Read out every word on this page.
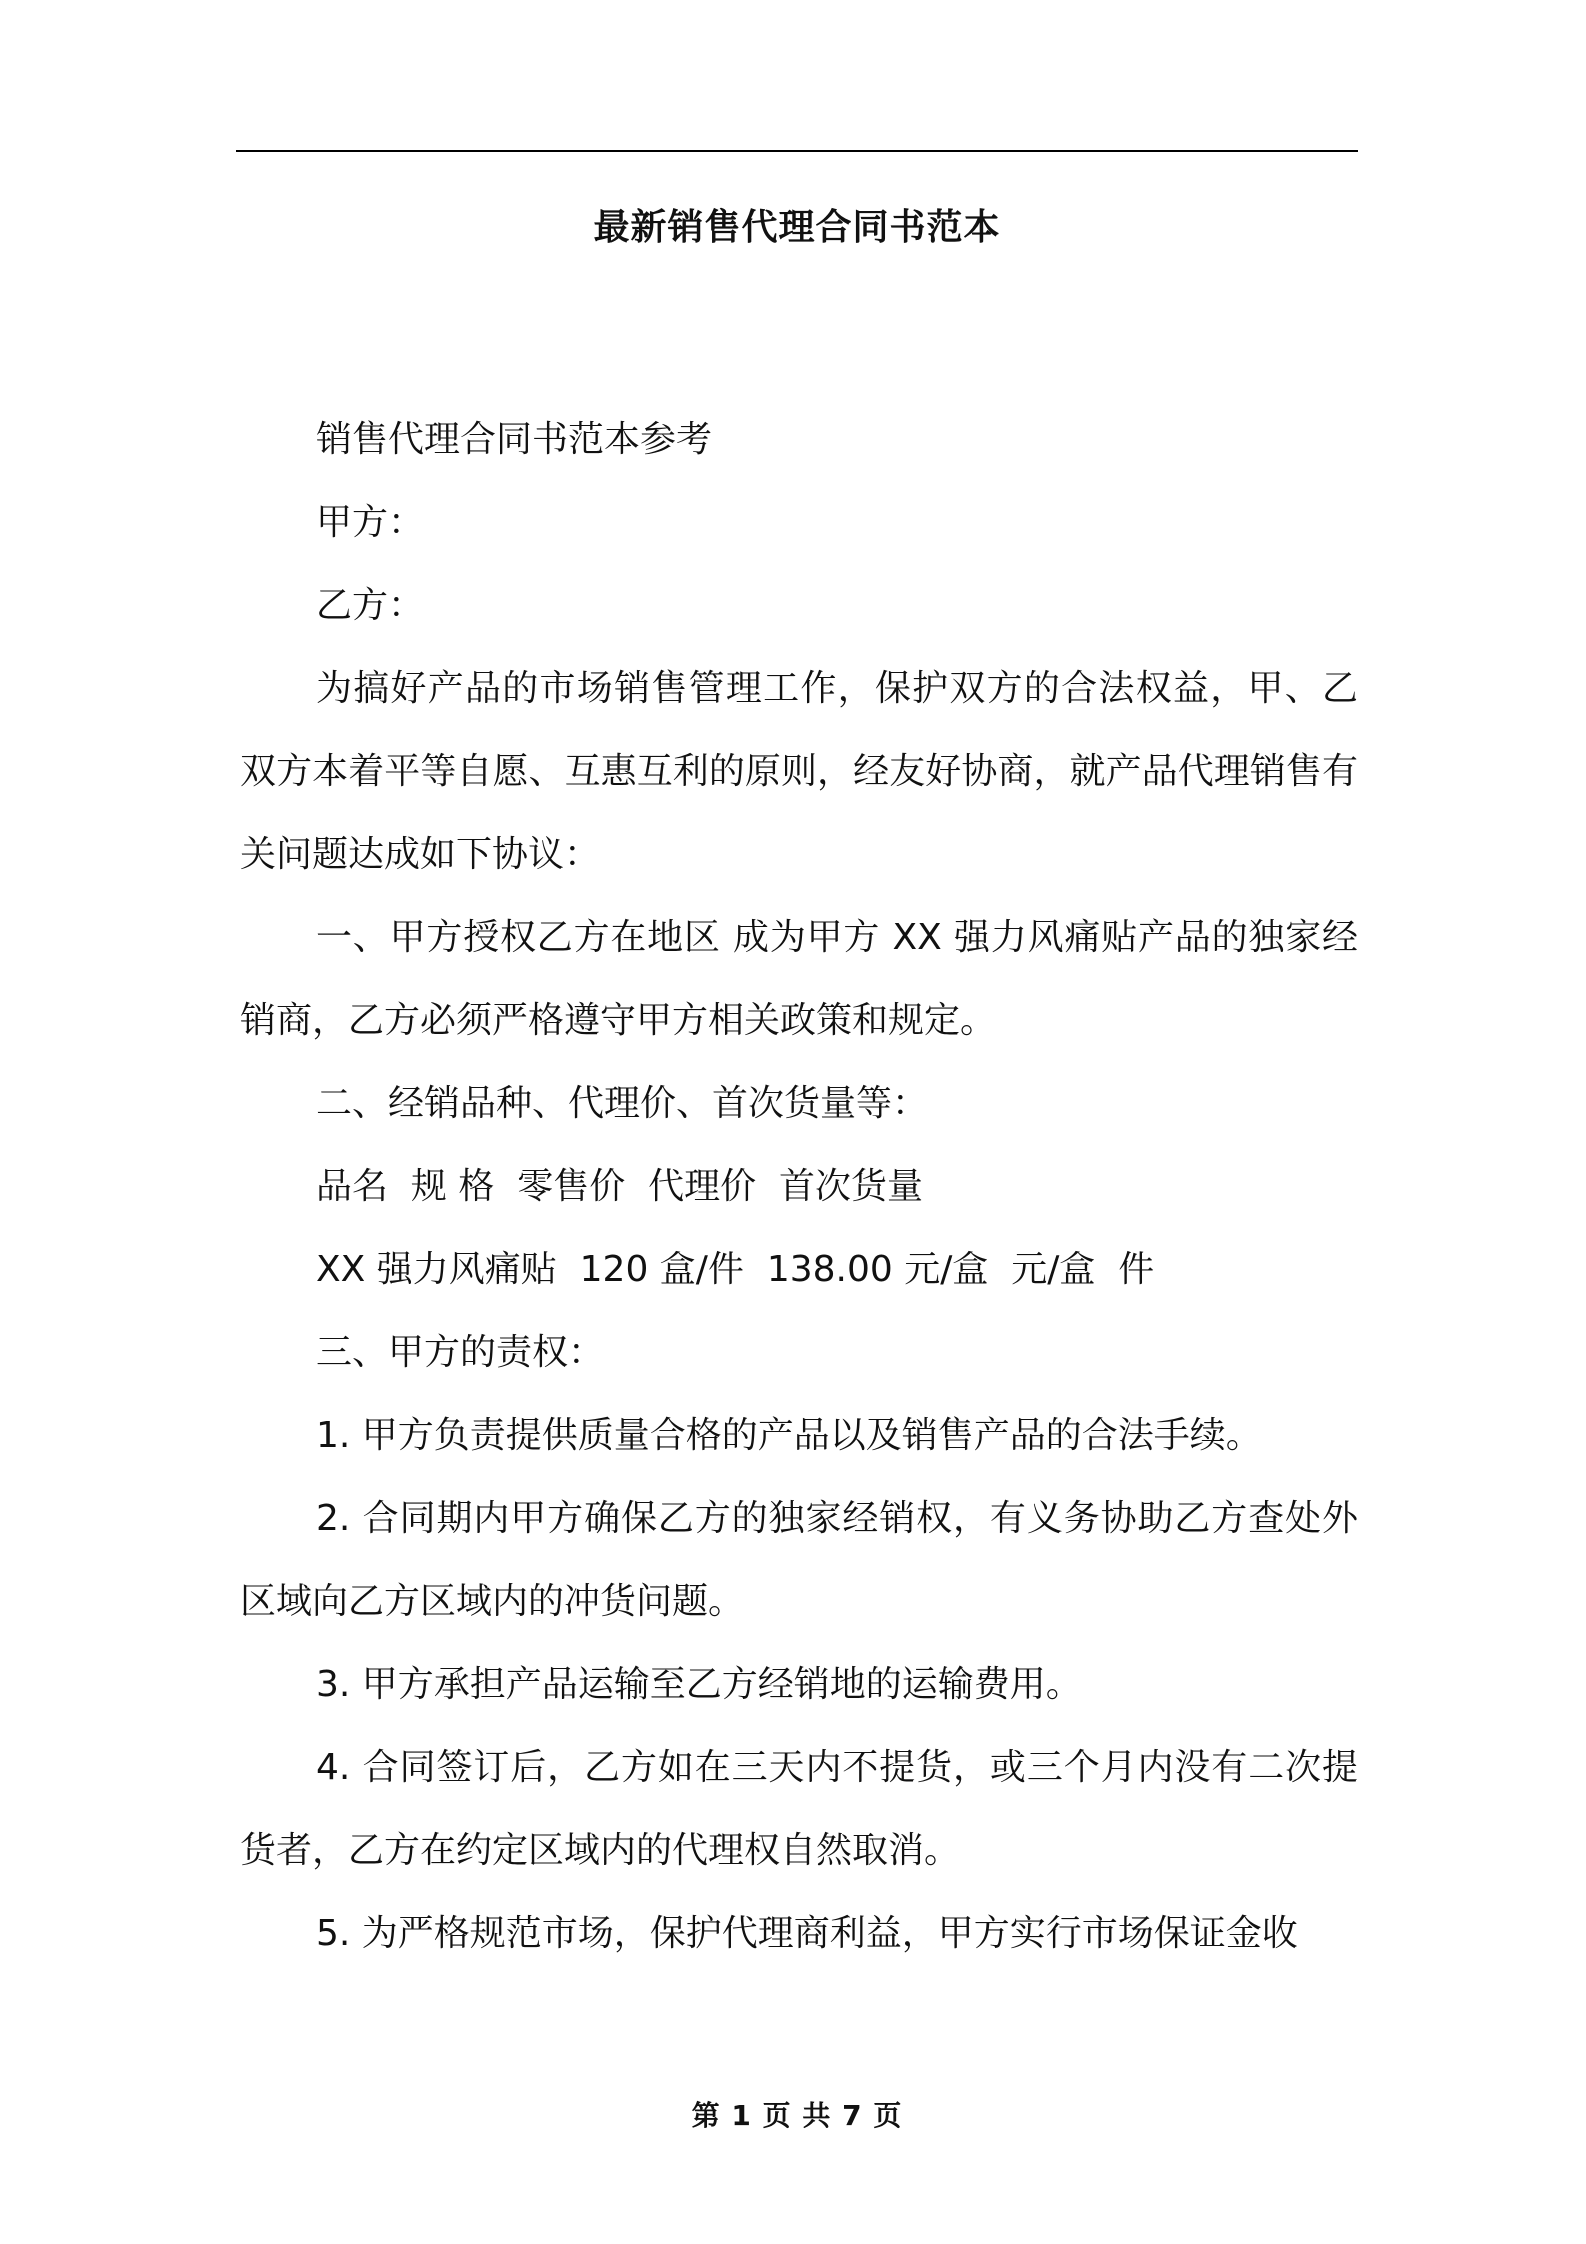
最新销售代理合同书范本

销售代理合同书范本参考

甲方：

乙方：

为搞好产品的市场销售管理工作，保护双方的合法权益，甲、乙双方本着平等自愿、互惠互利的原则，经友好协商，就产品代理销售有关问题达成如下协议：

一、甲方授权乙方在地区 成为甲方 XX 强力风痛贴产品的独家经销商，乙方必须严格遵守甲方相关政策和规定。

二、经销品种、代理价、首次货量等：

品名  规 格  零售价  代理价  首次货量

XX 强力风痛贴  120 盒/件  138.00 元/盒  元/盒  件

三、甲方的责权：

1. 甲方负责提供质量合格的产品以及销售产品的合法手续。

2. 合同期内甲方确保乙方的独家经销权，有义务协助乙方查处外区域向乙方区域内的冲货问题。

3. 甲方承担产品运输至乙方经销地的运输费用。

4. 合同签订后，乙方如在三天内不提货，或三个月内没有二次提货者，乙方在约定区域内的代理权自然取消。

5. 为严格规范市场，保护代理商利益，甲方实行市场保证金收

第 1 页 共 7 页
